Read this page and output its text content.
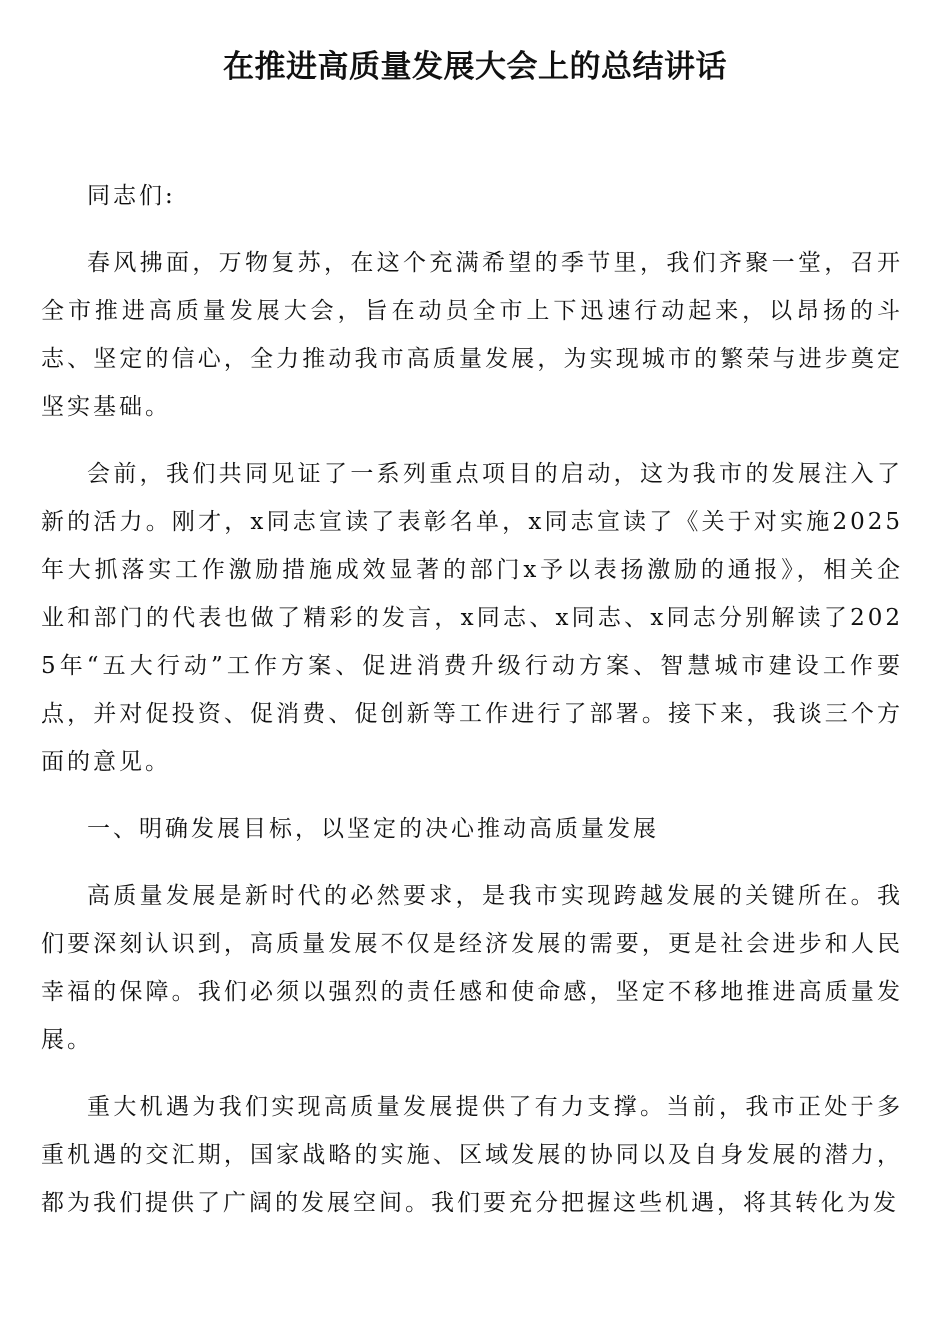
在推进高质量发展大会上的总结讲话

同志们:

春风拂面，万物复苏，在这个充满希望的季节里，我们齐聚一堂，召开全市推进高质量发展大会，旨在动员全市上下迅速行动起来，以昂扬的斗志、坚定的信心，全力推动我市高质量发展，为实现城市的繁荣与进步奠定坚实基础。

会前，我们共同见证了一系列重点项目的启动，这为我市的发展注入了新的活力。刚才，x同志宣读了表彰名单，x同志宣读了《关于对实施2025年大抓落实工作激励措施成效显著的部门x予以表扬激励的通报》，相关企业和部门的代表也做了精彩的发言，x同志、x同志、x同志分别解读了2025年“五大行动”工作方案、促进消费升级行动方案、智慧城市建设工作要点，并对促投资、促消费、促创新等工作进行了部署。接下来，我谈三个方面的意见。

一、明确发展目标，以坚定的决心推动高质量发展

高质量发展是新时代的必然要求，是我市实现跨越发展的关键所在。我们要深刻认识到，高质量发展不仅是经济发展的需要，更是社会进步和人民幸福的保障。我们必须以强烈的责任感和使命感，坚定不移地推进高质量发展。

重大机遇为我们实现高质量发展提供了有力支撑。当前，我市正处于多重机遇的交汇期，国家战略的实施、区域发展的协同以及自身发展的潜力，都为我们提供了广阔的发展空间。我们要充分把握这些机遇，将其转化为发
